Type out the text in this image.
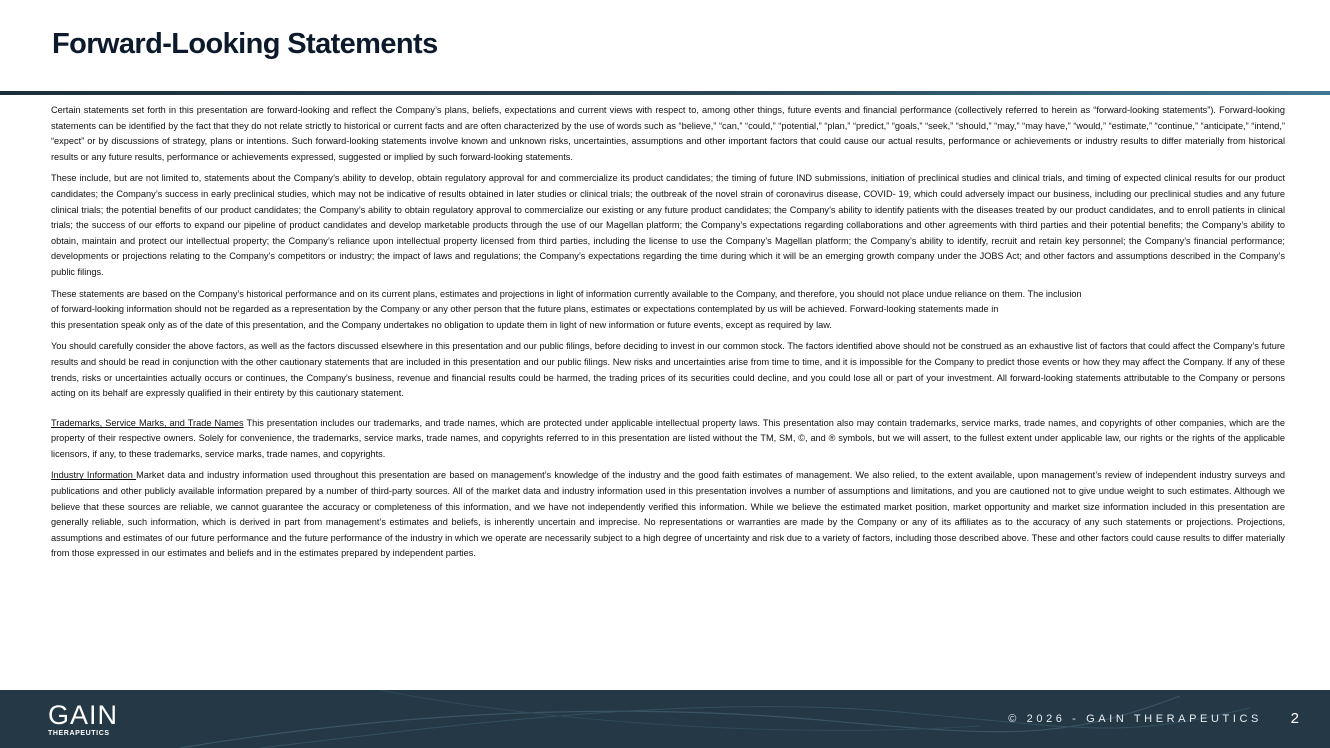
Forward-Looking Statements

Certain statements set forth in this presentation are forward-looking and reflect the Company’s plans, beliefs, expectations and current views with respect to, among other things, future events and financial performance (collectively referred to herein as “forward-looking statements”). Forward-looking statements can be identified by the fact that they do not relate strictly to historical or current facts and are often characterized by the use of words such as “believe,” “can,” “could,” “potential,” “plan,” “predict,” “goals,” “seek,” “should,” “may,” “may have,” “would,” “estimate,” “continue,” “anticipate,” “intend,” “expect” or by discussions of strategy, plans or intentions. Such forward-looking statements involve known and unknown risks, uncertainties, assumptions and other important factors that could cause our actual results, performance or achievements or industry results to differ materially from historical results or any future results, performance or achievements expressed, suggested or implied by such forward-looking statements.

These include, but are not limited to, statements about the Company’s ability to develop, obtain regulatory approval for and commercialize its product candidates; the timing of future IND submissions, initiation of preclinical studies and clinical trials, and timing of expected clinical results for our product candidates; the Company’s success in early preclinical studies, which may not be indicative of results obtained in later studies or clinical trials; the outbreak of the novel strain of coronavirus disease, COVID- 19, which could adversely impact our business, including our preclinical studies and any future clinical trials; the potential benefits of our product candidates; the Company’s ability to obtain regulatory approval to commercialize our existing or any future product candidates; the Company’s ability to identify patients with the diseases treated by our product candidates, and to enroll patients in clinical trials; the success of our efforts to expand our pipeline of product candidates and develop marketable products through the use of our Magellan platform; the Company’s expectations regarding collaborations and other agreements with third parties and their potential benefits; the Company’s ability to obtain, maintain and protect our intellectual property; the Company’s reliance upon intellectual property licensed from third parties, including the license to use the Company’s Magellan platform; the Company’s ability to identify, recruit and retain key personnel; the Company’s financial performance; developments or projections relating to the Company’s competitors or industry; the impact of laws and regulations; the Company’s expectations regarding the time during which it will be an emerging growth company under the JOBS Act; and other factors and assumptions described in the Company’s public filings.

These statements are based on the Company’s historical performance and on its current plans, estimates and projections in light of information currently available to the Company, and therefore, you should not place undue reliance on them. The inclusion
of forward-looking information should not be regarded as a representation by the Company or any other person that the future plans, estimates or expectations contemplated by us will be achieved. Forward-looking statements made in
this presentation speak only as of the date of this presentation, and the Company undertakes no obligation to update them in light of new information or future events, except as required by law.

You should carefully consider the above factors, as well as the factors discussed elsewhere in this presentation and our public filings, before deciding to invest in our common stock. The factors identified above should not be construed as an exhaustive list of factors that could affect the Company’s future results and should be read in conjunction with the other cautionary statements that are included in this presentation and our public filings. New risks and uncertainties arise from time to time, and it is impossible for the Company to predict those events or how they may affect the Company. If any of these trends, risks or uncertainties actually occurs or continues, the Company’s business, revenue and financial results could be harmed, the trading prices of its securities could decline, and you could lose all or part of your investment. All forward-looking statements attributable to the Company or persons acting on its behalf are expressly qualified in their entirety by this cautionary statement.

Trademarks, Service Marks, and Trade Names This presentation includes our trademarks, and trade names, which are protected under applicable intellectual property laws. This presentation also may contain trademarks, service marks, trade names, and copyrights of other companies, which are the property of their respective owners. Solely for convenience, the trademarks, service marks, trade names, and copyrights referred to in this presentation are listed without the TM, SM, ©, and ® symbols, but we will assert, to the fullest extent under applicable law, our rights or the rights of the applicable licensors, if any, to these trademarks, service marks, trade names, and copyrights.

Industry Information Market data and industry information used throughout this presentation are based on management’s knowledge of the industry and the good faith estimates of management. We also relied, to the extent available, upon management’s review of independent industry surveys and publications and other publicly available information prepared by a number of third-party sources. All of the market data and industry information used in this presentation involves a number of assumptions and limitations, and you are cautioned not to give undue weight to such estimates. Although we believe that these sources are reliable, we cannot guarantee the accuracy or completeness of this information, and we have not independently verified this information. While we believe the estimated market position, market opportunity and market size information included in this presentation are generally reliable, such information, which is derived in part from management’s estimates and beliefs, is inherently uncertain and imprecise. No representations or warranties are made by the Company or any of its affiliates as to the accuracy of any such statements or projections. Projections, assumptions and estimates of our future performance and the future performance of the industry in which we operate are necessarily subject to a high degree of uncertainty and risk due to a variety of factors, including those described above. These and other factors could cause results to differ materially from those expressed in our estimates and beliefs and in the estimates prepared by independent parties.

GAIN
THERAPEUTICS
© 2026 - GAIN THERAPEUTICS 2
